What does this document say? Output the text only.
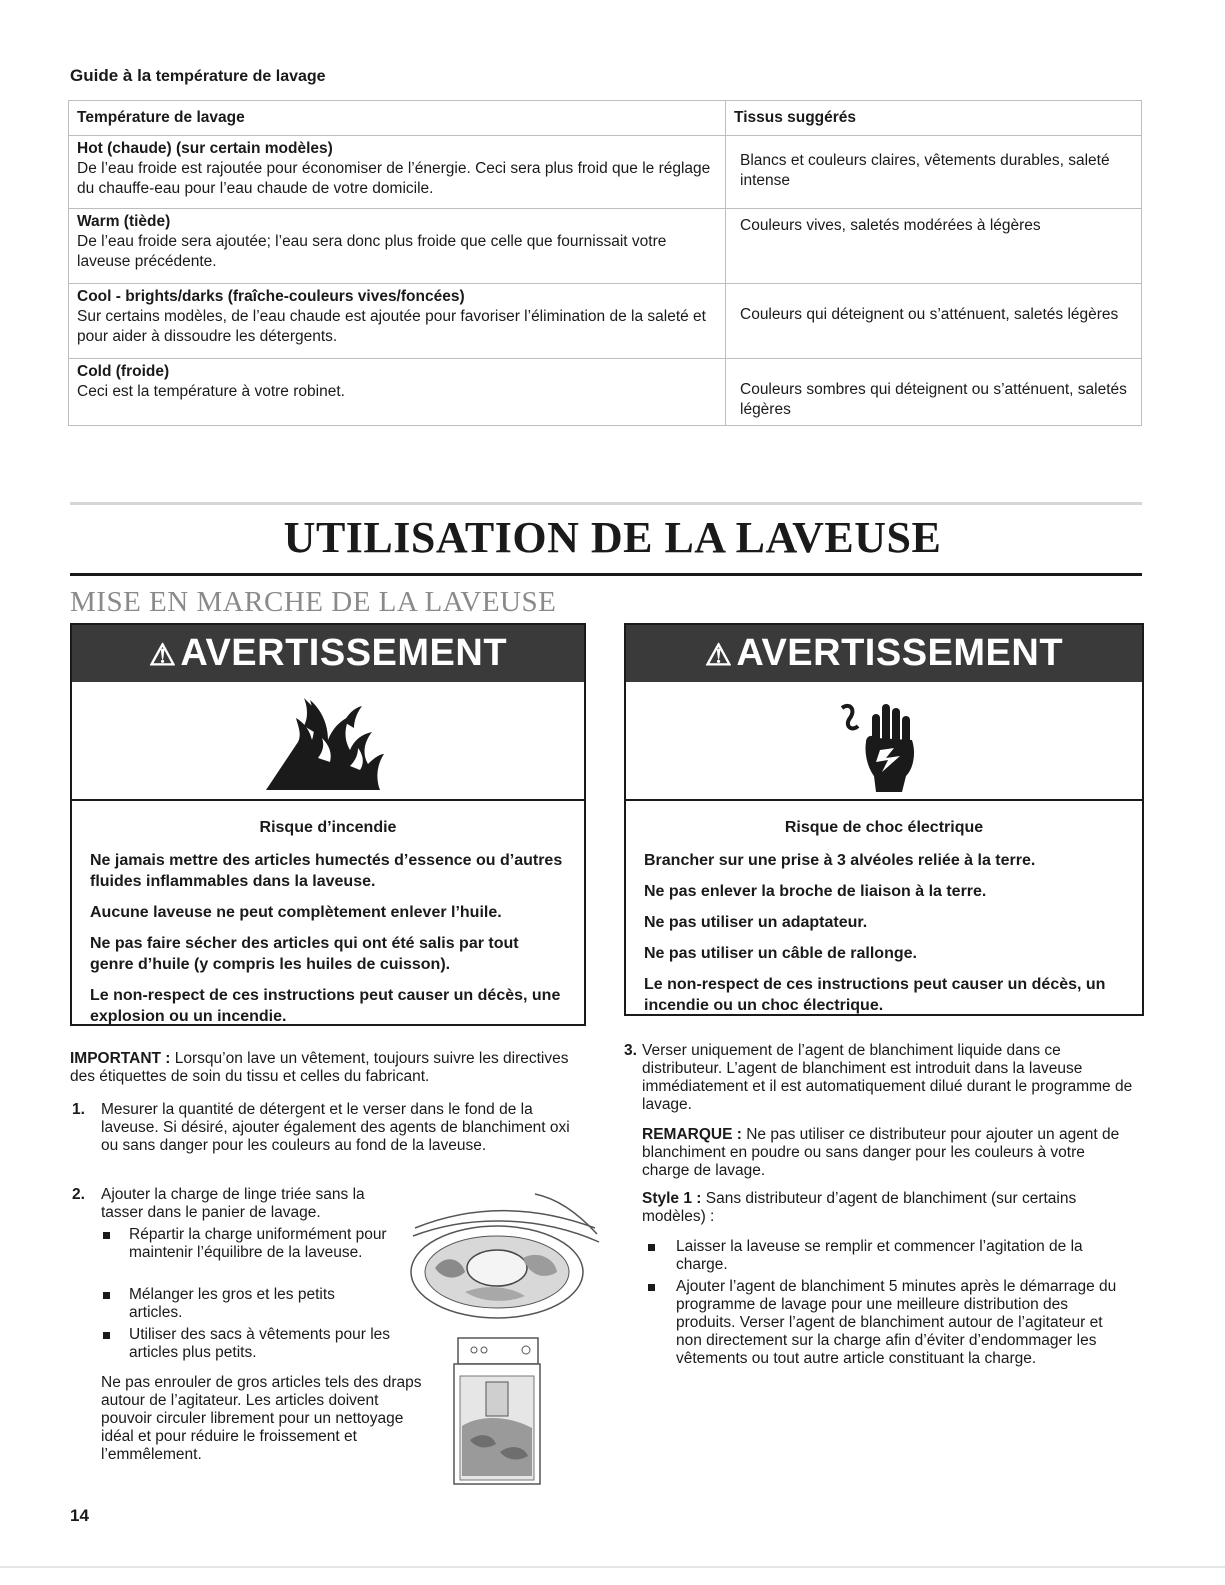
Guide à la température de lavage
Température de lavage	Tissus suggérés

Hot (chaude) (sur certain modèles)
De l’eau froide est rajoutée pour économiser de l’énergie. Ceci sera plus froid que le réglage du chauffe-eau pour l’eau chaude de votre domicile.	Blancs et couleurs claires, vêtements durables, saleté intense

Warm (tiède)
De l’eau froide sera ajoutée; l’eau sera donc plus froide que celle que fournissait votre laveuse précédente.	Couleurs vives, saletés modérées à légères

Cool - brights/darks (fraîche-couleurs vives/foncées)
Sur certains modèles, de l’eau chaude est ajoutée pour favoriser l’élimination de la saleté et pour aider à dissoudre les détergents.	Couleurs qui déteignent ou s’atténuent, saletés légères

Cold (froide)
Ceci est la température à votre robinet.	Couleurs sombres qui déteignent ou s’atténuent, saletés légères
UTILISATION DE LA LAVEUSE
MISE EN MARCHE DE LA LAVEUSE
⚠ AVERTISSEMENT
Risque d’incendie

Ne jamais mettre des articles humectés d’essence ou d’autres fluides inflammables dans la laveuse.

Aucune laveuse ne peut complètement enlever l’huile.

Ne pas faire sécher des articles qui ont été salis par tout genre d’huile (y compris les huiles de cuisson).

Le non-respect de ces instructions peut causer un décès, une explosion ou un incendie.

⚠ AVERTISSEMENT
Risque de choc électrique

Brancher sur une prise à 3 alvéoles reliée à la terre.

Ne pas enlever la broche de liaison à la terre.

Ne pas utiliser un adaptateur.

Ne pas utiliser un câble de rallonge.

Le non-respect de ces instructions peut causer un décès, un incendie ou un choc électrique.

IMPORTANT : Lorsqu’on lave un vêtement, toujours suivre les directives des étiquettes de soin du tissu et celles du fabricant.
1. Mesurer la quantité de détergent et le verser dans le fond de la laveuse. Si désiré, ajouter également des agents de blanchiment oxi ou sans danger pour les couleurs au fond de la laveuse.
2. Ajouter la charge de linge triée sans la tasser dans le panier de lavage.
Répartir la charge uniformément pour maintenir l’équilibre de la laveuse.
Mélanger les gros et les petits articles.
Utiliser des sacs à vêtements pour les articles plus petits.
Ne pas enrouler de gros articles tels des draps autour de l’agitateur. Les articles doivent pouvoir circuler librement pour un nettoyage idéal et pour réduire le froissement et l’emmêlement.
3. Verser uniquement de l’agent de blanchiment liquide dans ce distributeur. L’agent de blanchiment est introduit dans la laveuse immédiatement et il est automatiquement dilué durant le programme de lavage.
REMARQUE : Ne pas utiliser ce distributeur pour ajouter un agent de blanchiment en poudre ou sans danger pour les couleurs à votre charge de lavage.
Style 1 : Sans distributeur d’agent de blanchiment (sur certains modèles) :
Laisser la laveuse se remplir et commencer l’agitation de la charge.
Ajouter l’agent de blanchiment 5 minutes après le démarrage du programme de lavage pour une meilleure distribution des produits. Verser l’agent de blanchiment autour de l’agitateur et non directement sur la charge afin d’éviter d’endommager les vêtements ou tout autre article constituant la charge.
14
